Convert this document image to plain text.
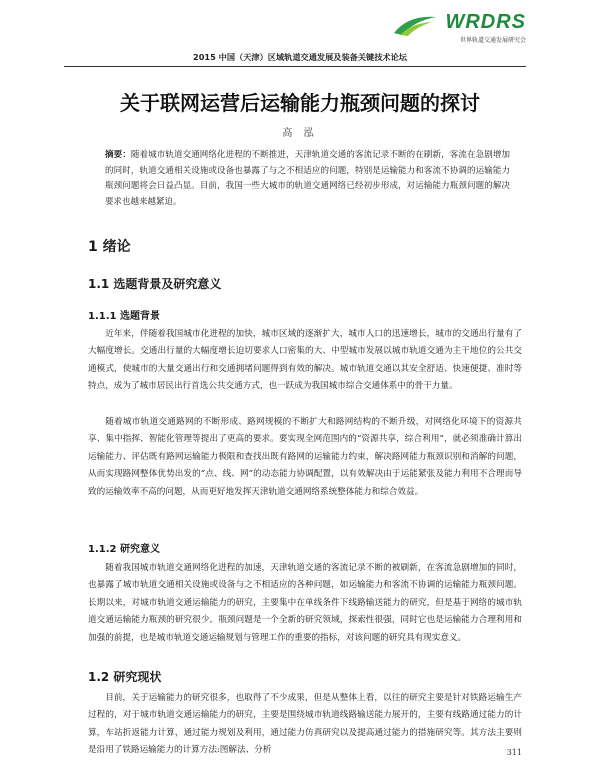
WRDRS
世界轨道交通发展研究会
2015 中国（天津）区域轨道交通发展及装备关键技术论坛
关于联网运营后运输能力瓶颈问题的探讨
高 泓
摘要：随着城市轨道交通网络化进程的不断推进，天津轨道交通的客流记录不断的在刷新，客流在急剧增加的同时，轨道交通相关设施或设备也暴露了与之不相适应的问题，特别是运输能力和客流不协调的运输能力瓶颈问题将会日益凸显。目前，我国一些大城市的轨道交通网络已经初步形成，对运输能力瓶颈问题的解决要求也越来越紧迫。
1 绪论
1.1 选题背景及研究意义
1.1.1 选题背景
近年来，伴随着我国城市化进程的加快，城市区域的逐渐扩大，城市人口的迅速增长，城市的交通出行量有了大幅度增长。交通出行量的大幅度增长迫切要求人口密集的大、中型城市发展以城市轨道交通为主干地位的公共交通模式，使城市的大量交通出行和交通拥堵问题得到有效的解决。城市轨道交通以其安全舒适、快速便捷、准时等特点，成为了城市居民出行首选公共交通方式，也一跃成为我国城市综合交通体系中的骨干力量。
随着城市轨道交通路网的不断形成、路网规模的不断扩大和路网结构的不断升级，对网络化环境下的资源共享、集中指挥、智能化管理等提出了更高的要求。要实现全网范围内的“资源共享，综合利用”，就必须准确计算出运输能力、评估既有路网运输能力极限和查找出既有路网的运输能力约束，解决路网能力瓶颈识别和消解的问题，从而实现路网整体优势出发的“点、线、网”的动态能力协调配置，以有效解决由于运能紧张及能力利用不合理而导致的运输效率不高的问题，从而更好地发挥天津轨道交通网络系统整体能力和综合效益。
1.1.2 研究意义
随着我国城市轨道交通网络化进程的加速，天津轨道交通的客流记录不断的被刷新，在客流急剧增加的同时，也暴露了城市轨道交通相关设施或设备与之不相适应的各种问题，如运输能力和客流不协调的运输能力瓶颈问题。长期以来，对城市轨道交通运输能力的研究，主要集中在单线条件下线路输送能力的研究，但是基于网络的城市轨道交通运输能力瓶颈的研究很少。瓶颈问题是一个全新的研究领域，探索性很强，同时它也是运输能力合理利用和加强的前提，也是城市轨道交通运输规划与管理工作的重要的指标，对该问题的研究具有现实意义。
1.2 研究现状
目前，关于运输能力的研究很多，也取得了不少成果，但是从整体上看，以往的研究主要是针对铁路运输生产过程的，对于城市轨道交通运输能力的研究，主要是围绕城市轨道线路输送能力展开的，主要有线路通过能力的计算，车站折返能力计算，通过能力规划及利用，通过能力仿真研究以及提高通过能力的措施研究等。其方法主要则是沿用了铁路运输能力的计算方法:图解法、分析	311
